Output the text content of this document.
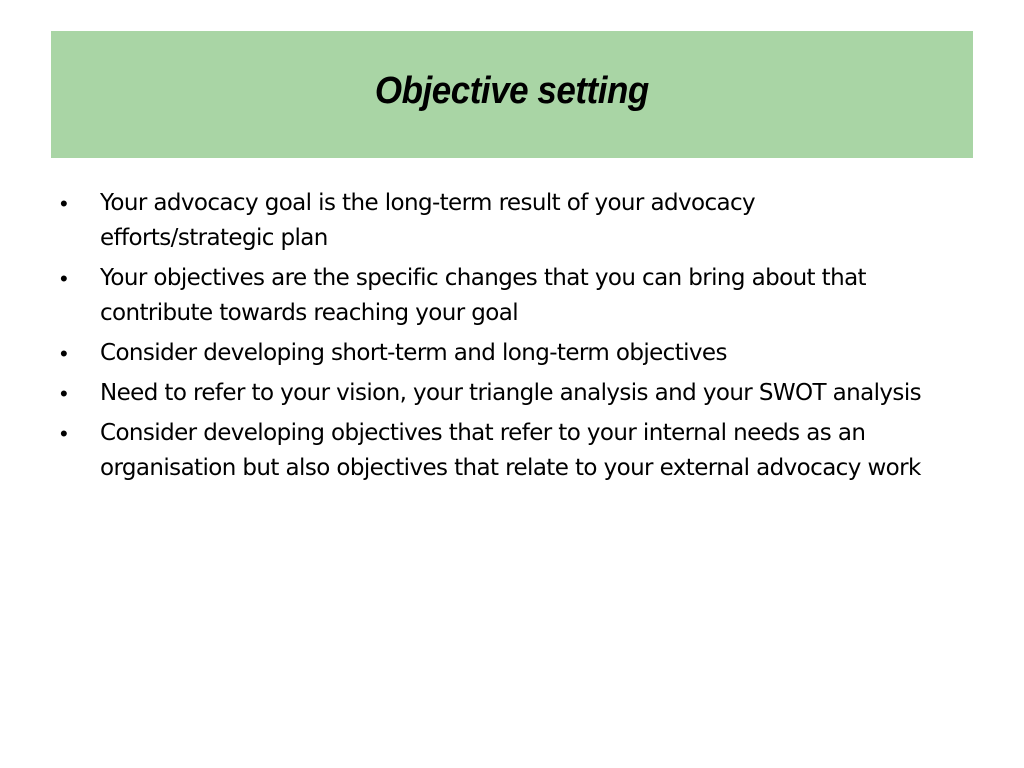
Objective setting
•	Your advocacy goal is the long-term result of your advocacy
efforts/strategic plan
•	Your objectives are the specific changes that you can bring about that
contribute towards reaching your goal
•	Consider developing short-term and long-term objectives
•	Need to refer to your vision, your triangle analysis and your SWOT analysis
•	Consider developing objectives that refer to your internal needs as an
organisation but also objectives that relate to your external advocacy work
